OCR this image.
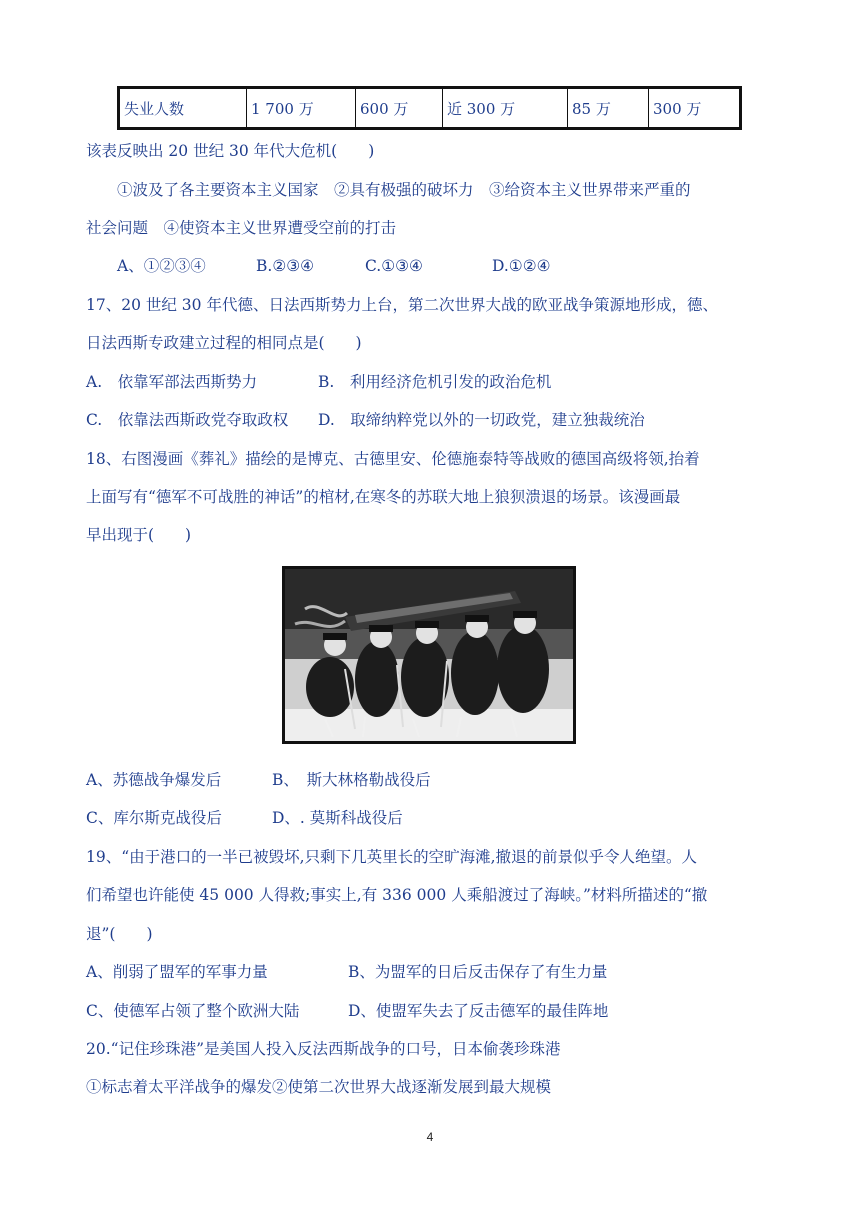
失业人数	1 700 万	600 万	近 300 万	85 万	300 万
该表反映出 20 世纪 30 年代大危机(　　)
①波及了各主要资本主义国家　②具有极强的破坏力　③给资本主义世界带来严重的
社会问题　④使资本主义世界遭受空前的打击
A、①②③④	B.②③④	C.①③④	D.①②④
17、20 世纪 30 年代德、日法西斯势力上台，第二次世界大战的欧亚战争策源地形成，德、
日法西斯专政建立过程的相同点是(　　)
A.　依靠军部法西斯势力	B.　利用经济危机引发的政治危机
C.　依靠法西斯政党夺取政权 D.　取缔纳粹党以外的一切政党，建立独裁统治
18、右图漫画《葬礼》描绘的是博克、古德里安、伦德施泰特等战败的德国高级将领,抬着
上面写有“德军不可战胜的神话”的棺材,在寒冬的苏联大地上狼狈溃退的场景。该漫画最
早出现于(　　)
A、苏德战争爆发后	B、　斯大林格勒战役后
C、库尔斯克战役后	D、. 莫斯科战役后
19、“由于港口的一半已被毁坏,只剩下几英里长的空旷海滩,撤退的前景似乎令人绝望。人
们希望也许能使 45 000 人得救;事实上,有 336 000 人乘船渡过了海峡。”材料所描述的“撤
退”(　　)
A、削弱了盟军的军事力量	B、为盟军的日后反击保存了有生力量
C、使德军占领了整个欧洲大陆	D、使盟军失去了反击德军的最佳阵地
20.“记住珍珠港”是美国人投入反法西斯战争的口号，日本偷袭珍珠港
①标志着太平洋战争的爆发②使第二次世界大战逐渐发展到最大规模
4
